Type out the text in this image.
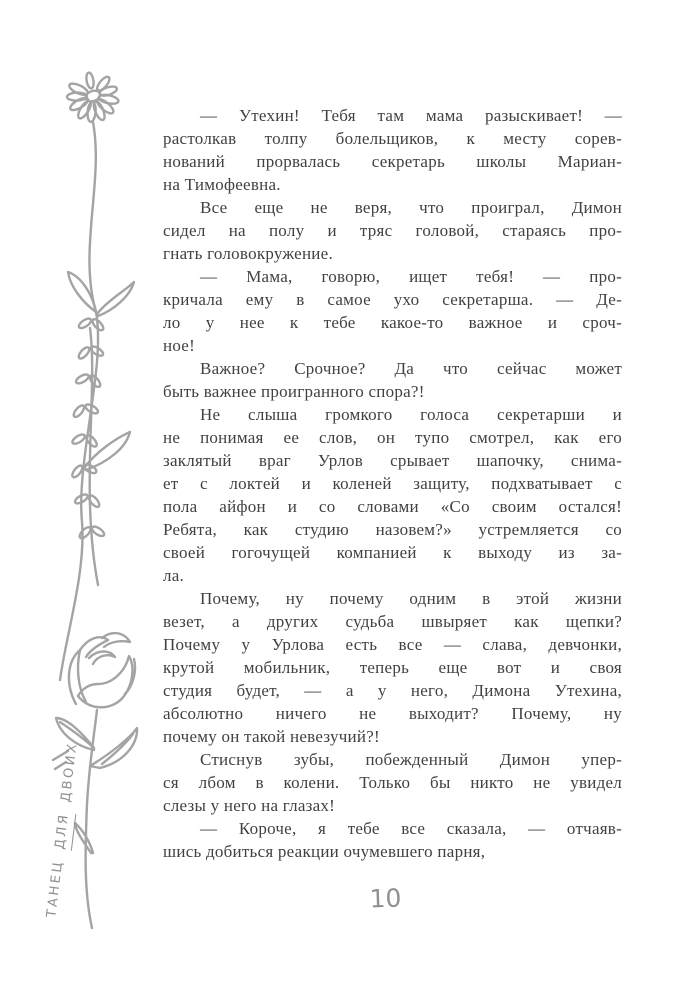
ТАНЕЦ ДЛЯ ДВОИХ

— Утехин! Тебя там мама разыскивает! —
растолкав толпу болельщиков, к месту сорев-
нований прорвалась секретарь школы Мариан-
на Тимофеевна.

Все еще не веря, что проиграл, Димон
сидел на полу и тряс головой, стараясь про-
гнать головокружение.

— Мама, говорю, ищет тебя! — про-
кричала ему в самое ухо секретарша. — Де-
ло у нее к тебе какое-то важное и сроч-
ное!

Важное? Срочное? Да что сейчас может
быть важнее проигранного спора?!

Не слыша громкого голоса секретарши и
не понимая ее слов, он тупо смотрел, как его
заклятый враг Урлов срывает шапочку, снима-
ет с локтей и коленей защиту, подхватывает с
пола айфон и со словами «Со своим остался!
Ребята, как студию назовем?» устремляется со
своей гогочущей компанией к выходу из за-
ла.

Почему, ну почему одним в этой жизни
везет, а других судьба швыряет как щепки?
Почему у Урлова есть все — слава, девчонки,
крутой мобильник, теперь еще вот и своя
студия будет, — а у него, Димона Утехина,
абсолютно ничего не выходит? Почему, ну
почему он такой невезучий?!

Стиснув зубы, побежденный Димон упер-
ся лбом в колени. Только бы никто не увидел
слезы у него на глазах!

— Короче, я тебе все сказала, — отчаяв-
шись добиться реакции очумевшего парня,

10
